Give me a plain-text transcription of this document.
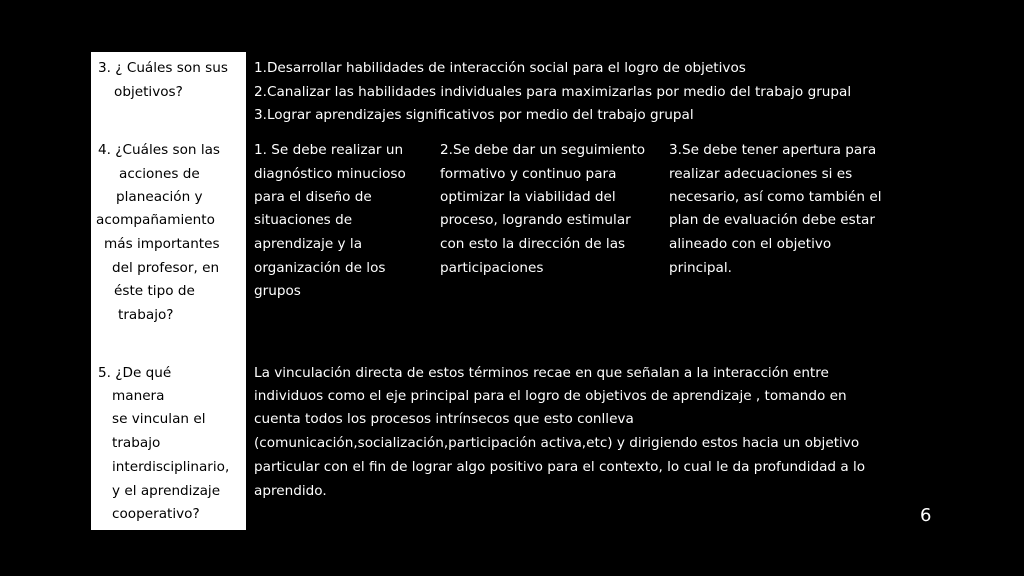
3. ¿ Cuáles son sus
objetivos?
4. ¿Cuáles son las
acciones de
planeación y
acompañamiento
más importantes
del profesor, en
éste tipo de
trabajo?
5. ¿De qué
manera
se vinculan el
trabajo
interdisciplinario,
y el aprendizaje
cooperativo?
1.Desarrollar habilidades de interacción social para el logro de objetivos
2.Canalizar las habilidades individuales para maximizarlas por medio del trabajo grupal
3.Lograr aprendizajes significativos por medio del trabajo grupal
1. Se debe realizar un
diagnóstico minucioso
para el diseño de
situaciones de
aprendizaje y la
organización de los
grupos
2.Se debe dar un seguimiento
formativo y continuo para
optimizar la viabilidad del
proceso, logrando estimular
con esto la dirección de las
participaciones
3.Se debe tener apertura para
realizar adecuaciones si es
necesario, así como también el
plan de evaluación debe estar
alineado con el objetivo
principal.
La vinculación directa de estos términos recae en que señalan a la interacción entre
individuos como el eje principal para el logro de objetivos de aprendizaje , tomando en
cuenta todos los procesos intrínsecos que esto conlleva
(comunicación,socialización,participación activa,etc) y dirigiendo estos hacia un objetivo
particular con el fin de lograr algo positivo para el contexto, lo cual le da profundidad a lo
aprendido.
6
